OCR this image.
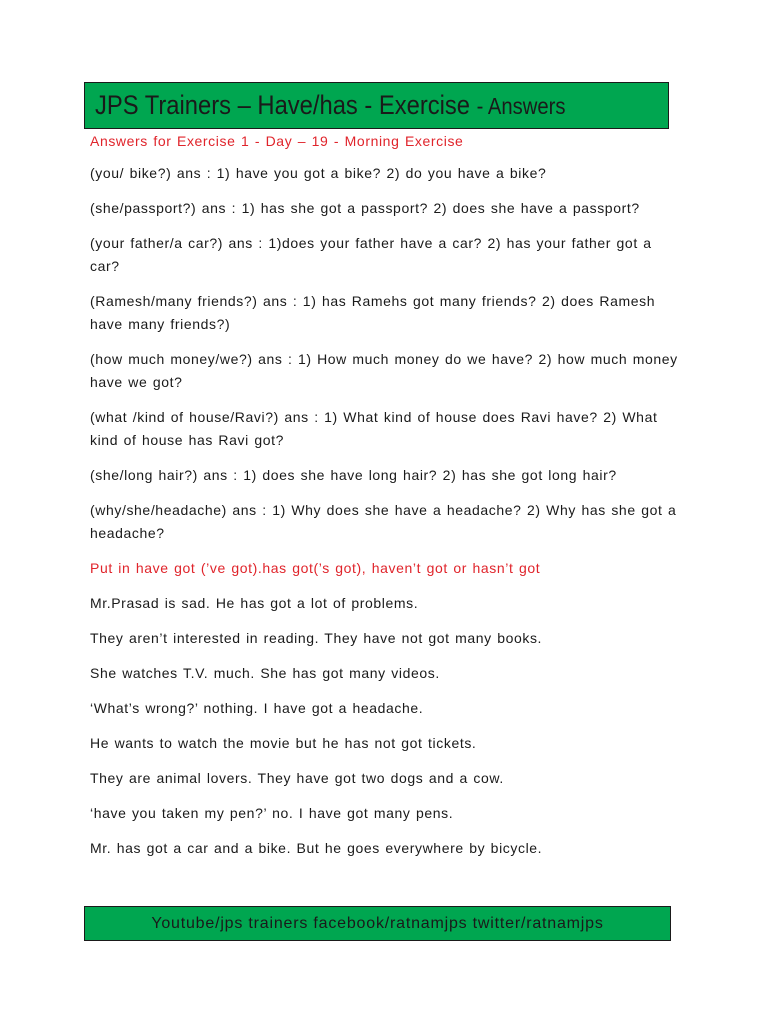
JPS Trainers – Have/has - Exercise - Answers

Answers for Exercise 1 - Day – 19 - Morning Exercise

(you/ bike?) ans : 1) have you got a bike? 2) do you have a bike?

(she/passport?) ans : 1) has she got a passport? 2) does she have a passport?

(your father/a car?) ans : 1)does your father have a car? 2) has your father got a car?

(Ramesh/many friends?) ans : 1) has Ramehs got many friends? 2) does Ramesh have many friends?)

(how much money/we?) ans : 1) How much money do we have? 2) how much money have we got?

(what /kind of house/Ravi?) ans : 1) What kind of house does Ravi have? 2) What kind of house has Ravi got?

(she/long hair?) ans : 1) does she have long hair? 2) has she got long hair?

(why/she/headache) ans : 1) Why does she have a headache? 2) Why has she got a headache?

Put in have got (’ve got).has got(’s got), haven’t got or hasn’t got

Mr.Prasad is sad. He has got a lot of problems.

They aren’t interested in reading. They have not got many books.

She watches T.V. much. She has got many videos.

‘What’s wrong?’ nothing. I have got a headache.

He wants to watch the movie but he has not got tickets.

They are animal lovers. They have got two dogs and a cow.

‘have you taken my pen?’ no. I have got many pens.

Mr. has got a car and a bike. But he goes everywhere by bicycle.

Youtube/jps trainers facebook/ratnamjps twitter/ratnamjps
